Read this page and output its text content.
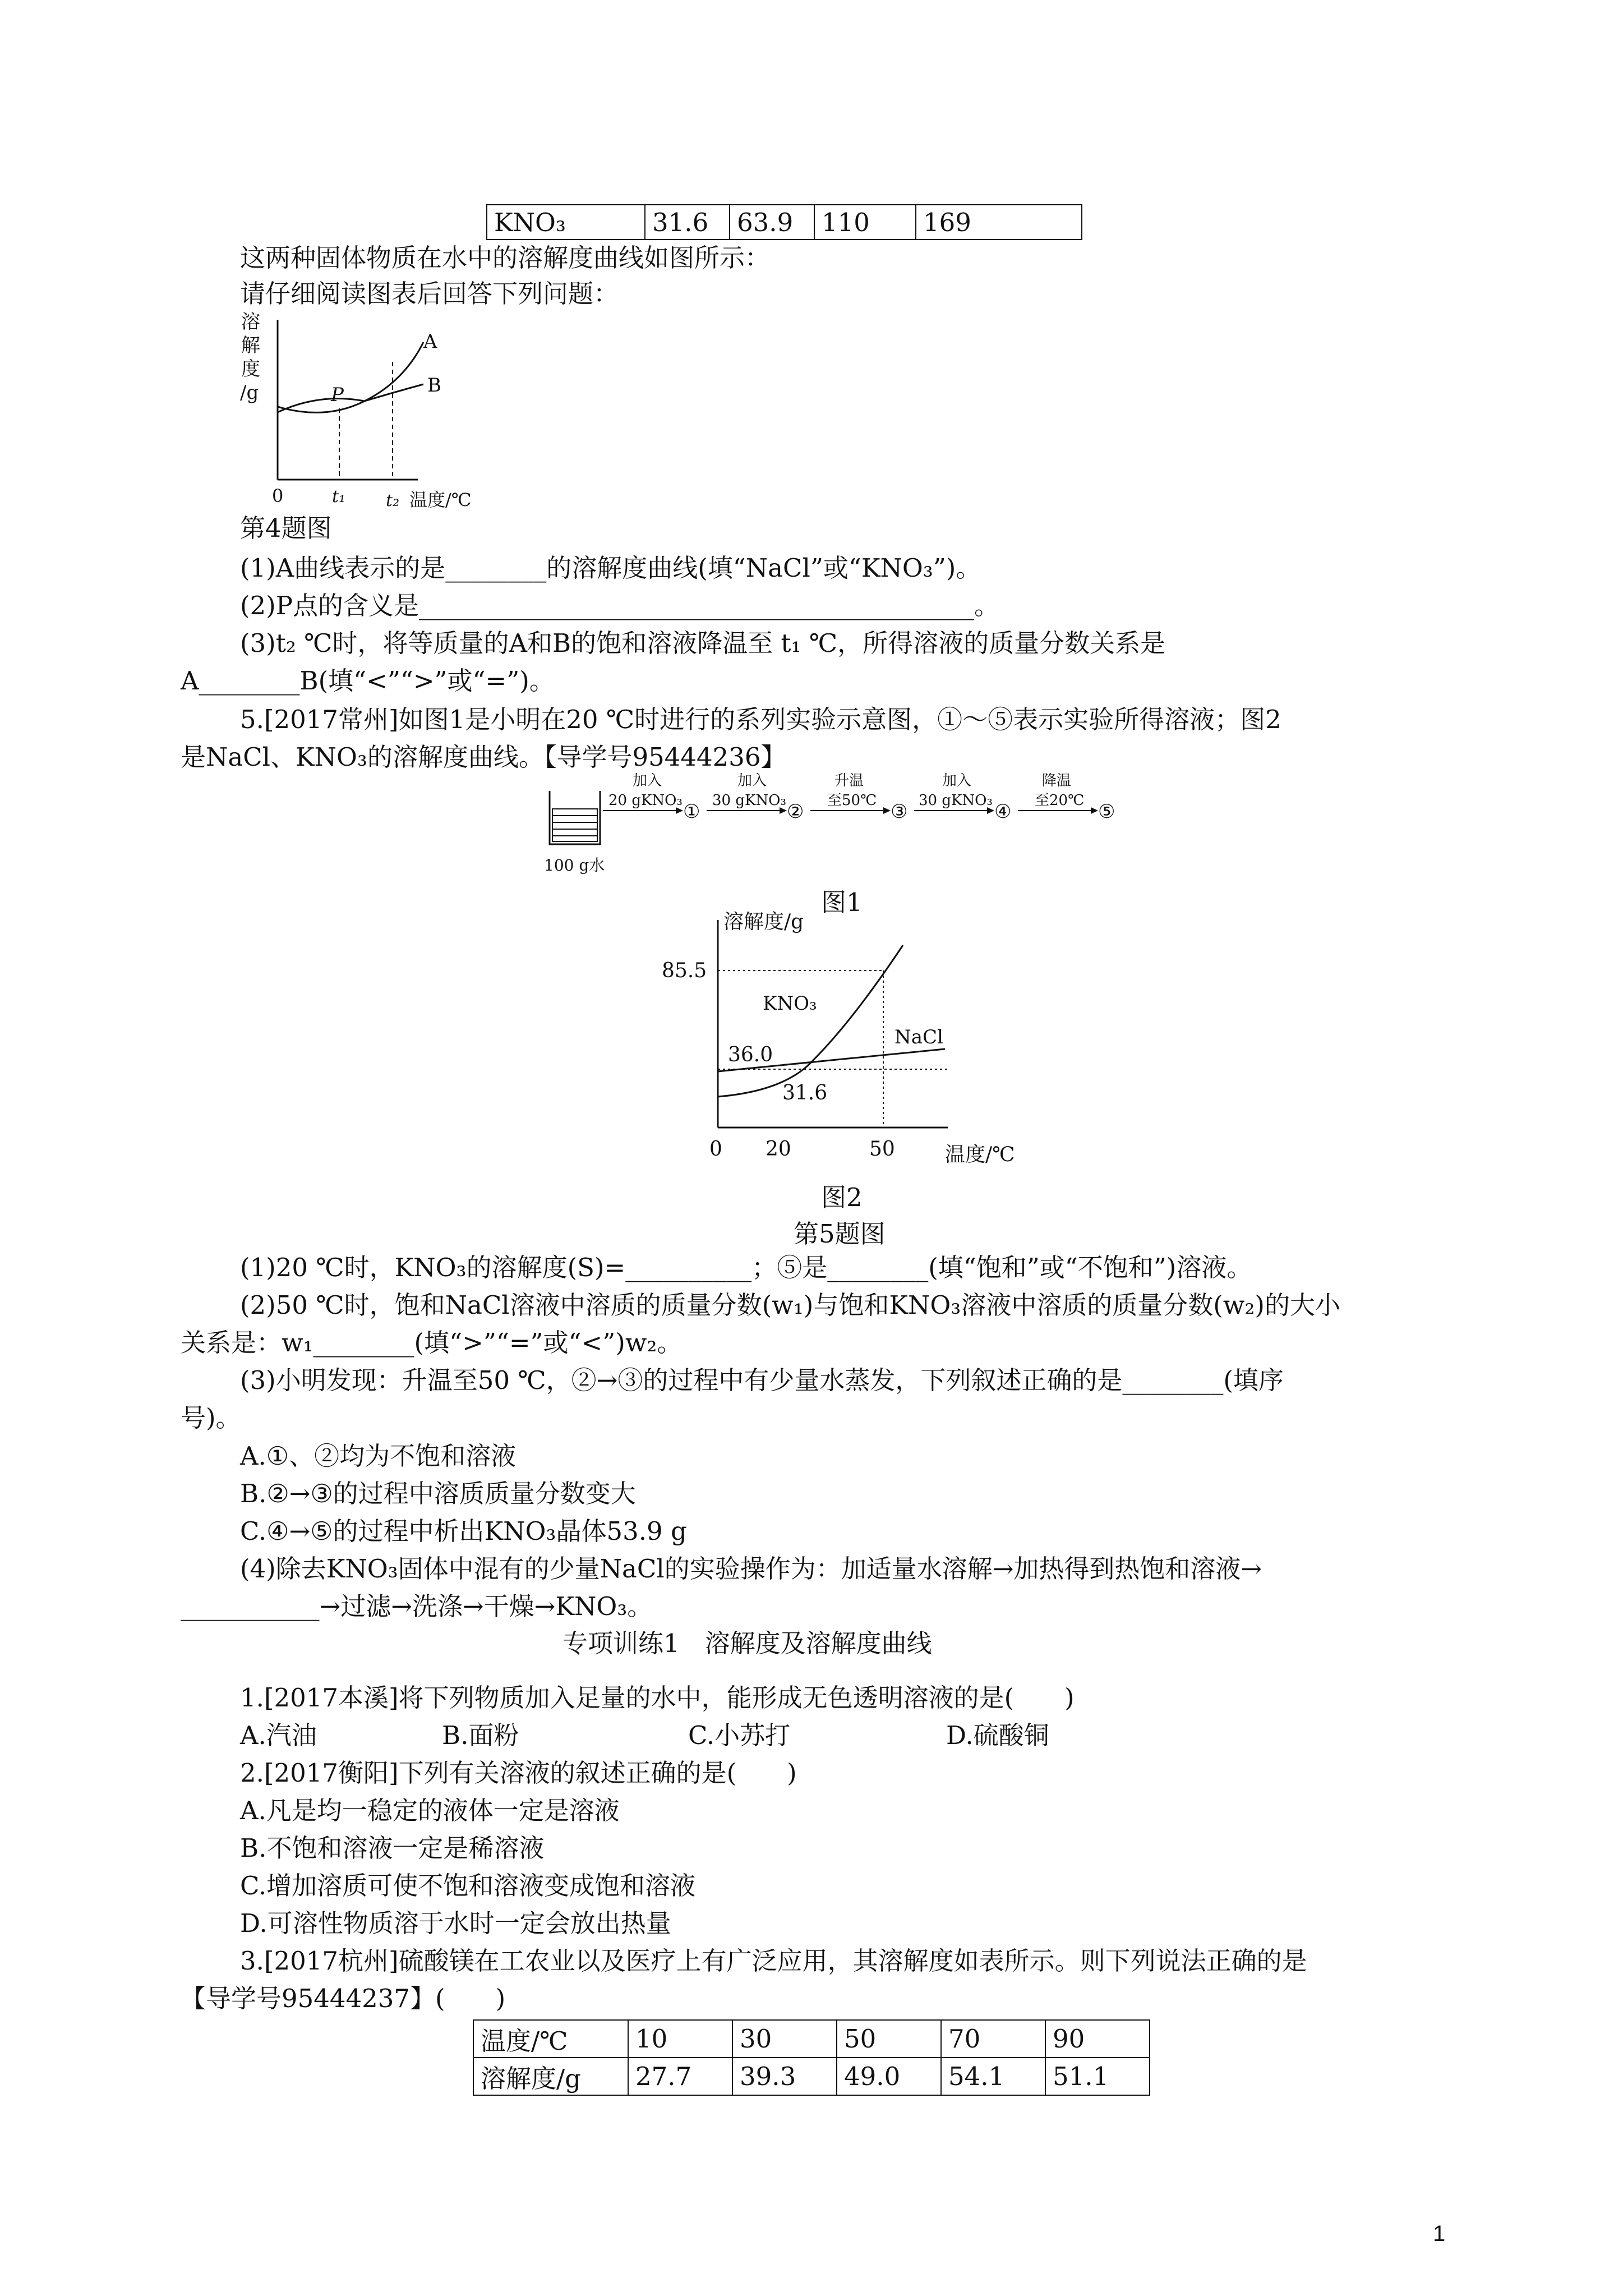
KNO₃	31.6	63.9	110	169
这两种固体物质在水中的溶解度曲线如图所示：
请仔细阅读图表后回答下列问题：
溶
解
度
/g
A
B
P
0	t₁ t₂ 温度/℃
第4题图
(1)A曲线表示的是________的溶解度曲线(填“NaCl”或“KNO₃”)。
(2)P点的含义是____________________________________________。
(3)t₂ ℃时，将等质量的A和B的饱和溶液降温至 t₁ ℃，所得溶液的质量分数关系是
A________B(填“<”“>”或“=”)。
5.[2017常州]如图1是小明在20 ℃时进行的系列实验示意图，①～⑤表示实验所得溶液；图2
是NaCl、KNO₃的溶解度曲线。【导学号95444236】
100 g水
加入
20 gKNO₃ ①
加入
30 gKNO₃ ②
升温
至50℃ ③
加入
30 gKNO₃ ④
降温
至20℃ ⑤
图1
溶解度/g
85.5
36.0
31.6
KNO₃
NaCl
0 20	50 温度/℃
图2
第5题图
(1)20 ℃时，KNO₃的溶解度(S)=__________；⑤是________(填“饱和”或“不饱和”)溶液。
(2)50 ℃时，饱和NaCl溶液中溶质的质量分数(w₁)与饱和KNO₃溶液中溶质的质量分数(w₂)的大小
关系是：w₁________(填“>”“=”或“<”)w₂。
(3)小明发现：升温至50 ℃，②→③的过程中有少量水蒸发，下列叙述正确的是________(填序
号)。
A.①、②均为不饱和溶液
B.②→③的过程中溶质质量分数变大
C.④→⑤的过程中析出KNO₃晶体53.9 g
(4)除去KNO₃固体中混有的少量NaCl的实验操作为：加适量水溶解→加热得到热饱和溶液→
___________→过滤→洗涤→干燥→KNO₃。
专项训练1　溶解度及溶解度曲线
1.[2017本溪]将下列物质加入足量的水中，能形成无色透明溶液的是(　　)
A.汽油	B.面粉	C.小苏打	D.硫酸铜
2.[2017衡阳]下列有关溶液的叙述正确的是(　　)
A.凡是均一稳定的液体一定是溶液
B.不饱和溶液一定是稀溶液
C.增加溶质可使不饱和溶液变成饱和溶液
D.可溶性物质溶于水时一定会放出热量
3.[2017杭州]硫酸镁在工农业以及医疗上有广泛应用，其溶解度如表所示。则下列说法正确的是
【导学号95444237】(　　)
温度/℃	10	30	50	70	90
溶解度/g	27.7	39.3	49.0	54.1	51.1
1
